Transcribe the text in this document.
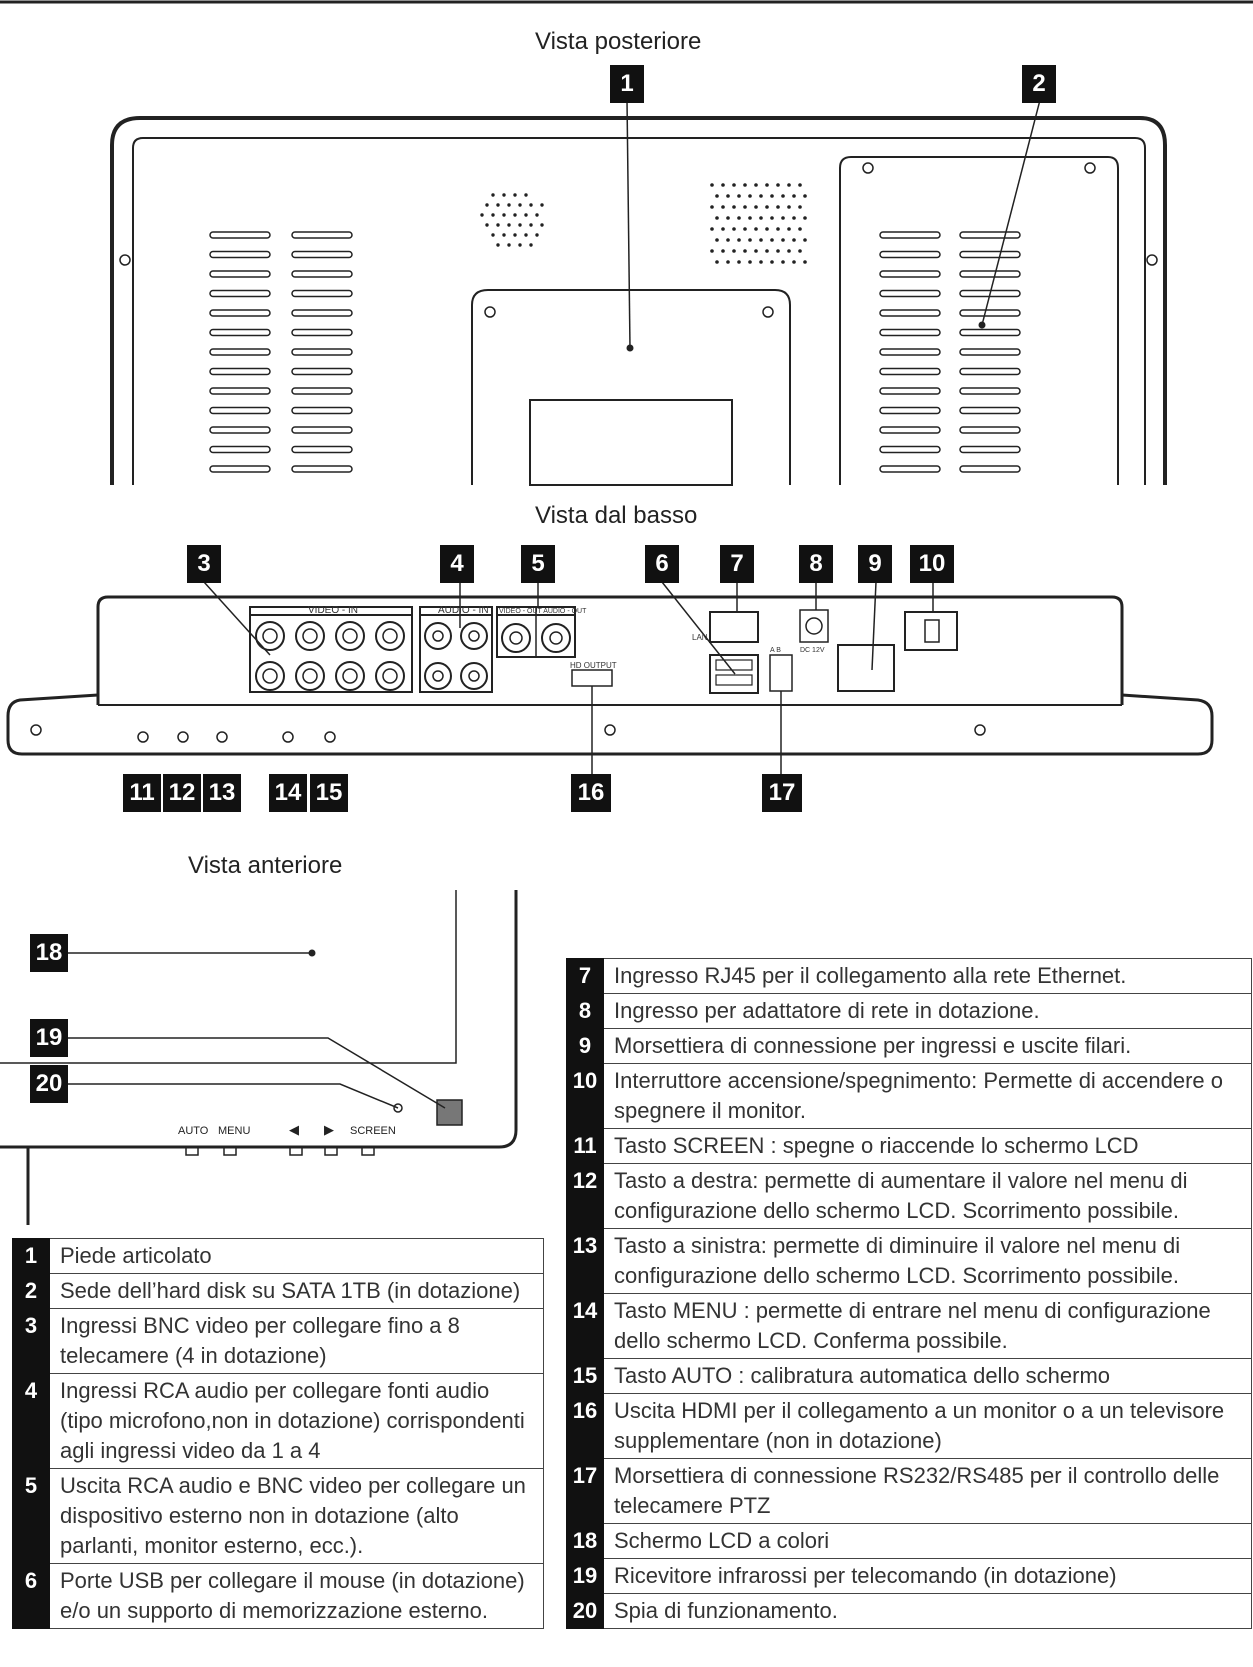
VIDEO - IN	AUDIO - IN VIDEO - OUT AUDIO - OUT
HD OUTPUT
LAN
DC 12V
A B
Vista posteriore
Vista dal basso
Vista anteriore
AUTO MENU	◀ ▶ SCREEN
1	2
3	4	5	6	7	8	9	10
11 12 13 14 15	16	17
18
19
20
1	Piede articolato
2	Sede dell’hard disk su SATA 1TB (in dotazione)
3	Ingressi BNC video per collegare fino a 8 telecamere (4 in dotazione)
4	Ingressi RCA audio per collegare fonti audio (tipo microfono,non in dotazione) corrispondenti agli ingressi video da 1 a 4
5	Uscita RCA audio e BNC video per collegare un dispositivo esterno non in dotazione (alto parlanti, monitor esterno, ecc.).
6	Porte USB per collegare il mouse (in dotazione) e/o un supporto di memorizzazione esterno.
7	Ingresso RJ45 per il collegamento alla rete Ethernet.
8	Ingresso per adattatore di rete in dotazione.
9	Morsettiera di connessione per ingressi e uscite filari.
10	Interruttore accensione/spegnimento: Permette di accendere o spegnere il monitor.
11	Tasto SCREEN : spegne o riaccende lo schermo LCD
12	Tasto a destra: permette di aumentare il valore nel menu di configurazione dello schermo LCD. Scorrimento possibile.
13	Tasto a sinistra: permette di diminuire il valore nel menu di configurazione dello schermo LCD. Scorrimento possibile.
14	Tasto MENU : permette di entrare nel menu di configurazione dello schermo LCD. Conferma possibile.
15	Tasto AUTO : calibratura automatica dello schermo
16	Uscita HDMI per il collegamento a un monitor o a un televisore supplementare (non in dotazione)
17	Morsettiera di connessione RS232/RS485 per il controllo delle telecamere PTZ
18	Schermo LCD a colori
19	Ricevitore infrarossi per telecomando (in dotazione)
20	Spia di funzionamento.
